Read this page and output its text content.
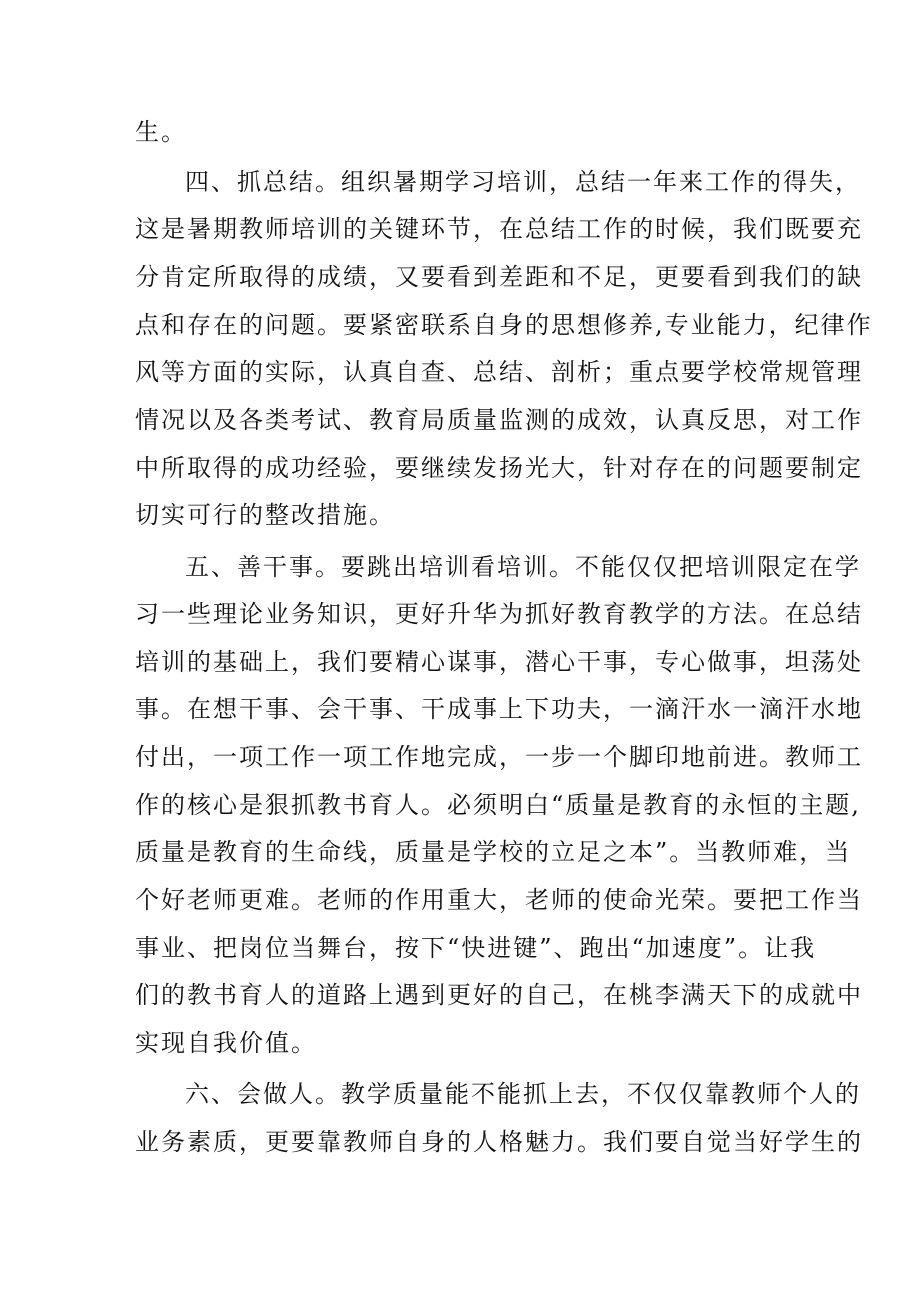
生。
四、抓总结。组织暑期学习培训，总结一年来工作的得失，
这是暑期教师培训的关键环节，在总结工作的时候，我们既要充
分肯定所取得的成绩，又要看到差距和不足，更要看到我们的缺
点和存在的问题。要紧密联系自身的思想修养,专业能力，纪律作
风等方面的实际，认真自查、总结、剖析；重点要学校常规管理
情况以及各类考试、教育局质量监测的成效，认真反思，对工作
中所取得的成功经验，要继续发扬光大，针对存在的问题要制定
切实可行的整改措施。
五、善干事。要跳出培训看培训。不能仅仅把培训限定在学
习一些理论业务知识，更好升华为抓好教育教学的方法。在总结
培训的基础上，我们要精心谋事，潜心干事，专心做事，坦荡处
事。在想干事、会干事、干成事上下功夫，一滴汗水一滴汗水地
付出，一项工作一项工作地完成，一步一个脚印地前进。教师工
作的核心是狠抓教书育人。必须明白“质量是教育的永恒的主题,
质量是教育的生命线，质量是学校的立足之本”。当教师难，当
个好老师更难。老师的作用重大，老师的使命光荣。要把工作当
事业、把岗位当舞台，按下“快进键”、跑出“加速度”。让我
们的教书育人的道路上遇到更好的自己，在桃李满天下的成就中
实现自我价值。
六、会做人。教学质量能不能抓上去，不仅仅靠教师个人的
业务素质，更要靠教师自身的人格魅力。我们要自觉当好学生的
